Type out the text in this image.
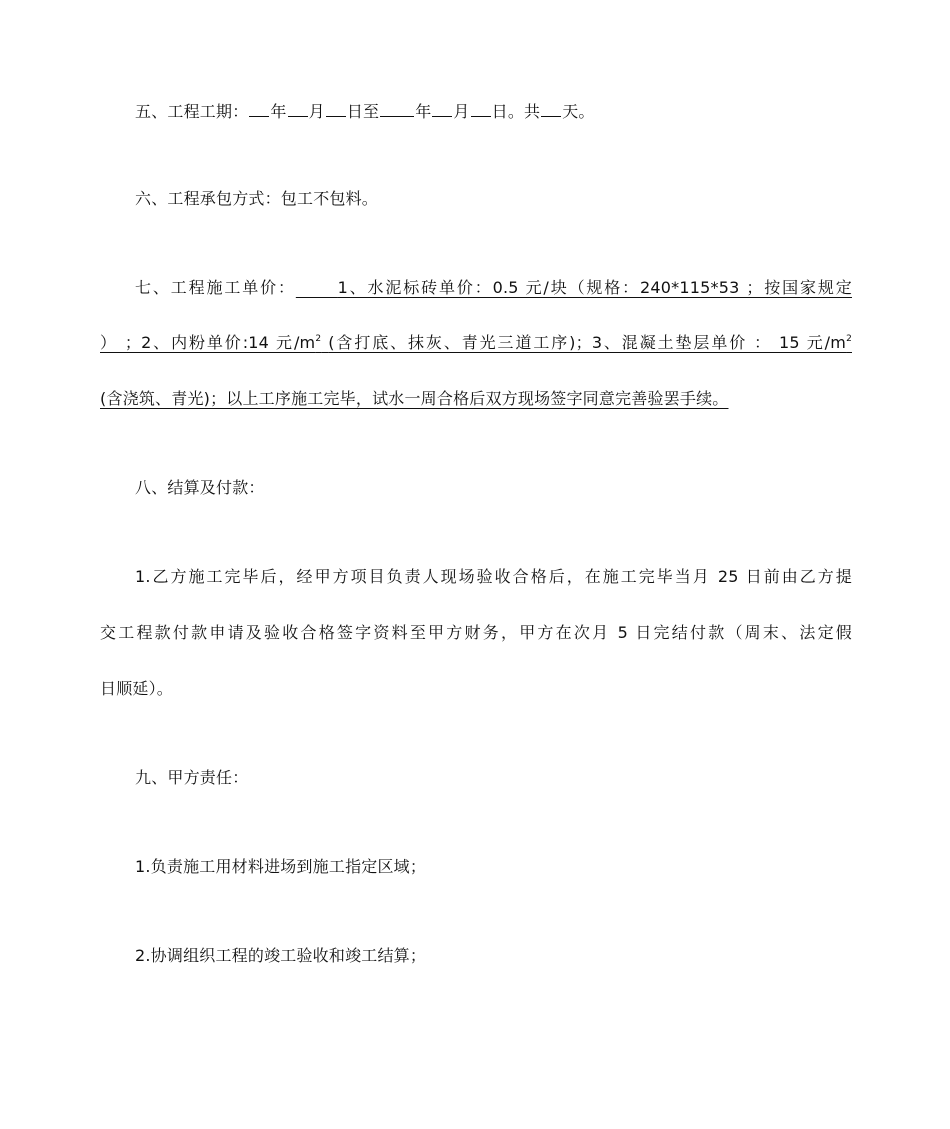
五、工程工期： 年 月 日至 年 月 日。共 天。
六、工程承包方式：包工不包料。
七、工程施工单价：	1、水泥标砖单价：0.5 元/块（规格：240*115*53 ；按国家规定
） ；2、内粉单价:14 元$/m^2$ (含打底、抹灰、青光三道工序)；3、混凝土垫层单价 ： 15 元$/m^2$
(含浇筑、青光)；以上工序施工完毕，试水一周合格后双方现场签字同意完善验罢手续。
八、结算及付款：
1.乙方施工完毕后，经甲方项目负责人现场验收合格后，在施工完毕当月 25 日前由乙方提
交工程款付款申请及验收合格签字资料至甲方财务，甲方在次月 5 日完结付款（周末、法定假
日顺延）。
九、甲方责任：
1.负责施工用材料进场到施工指定区域；
2.协调组织工程的竣工验收和竣工结算；
